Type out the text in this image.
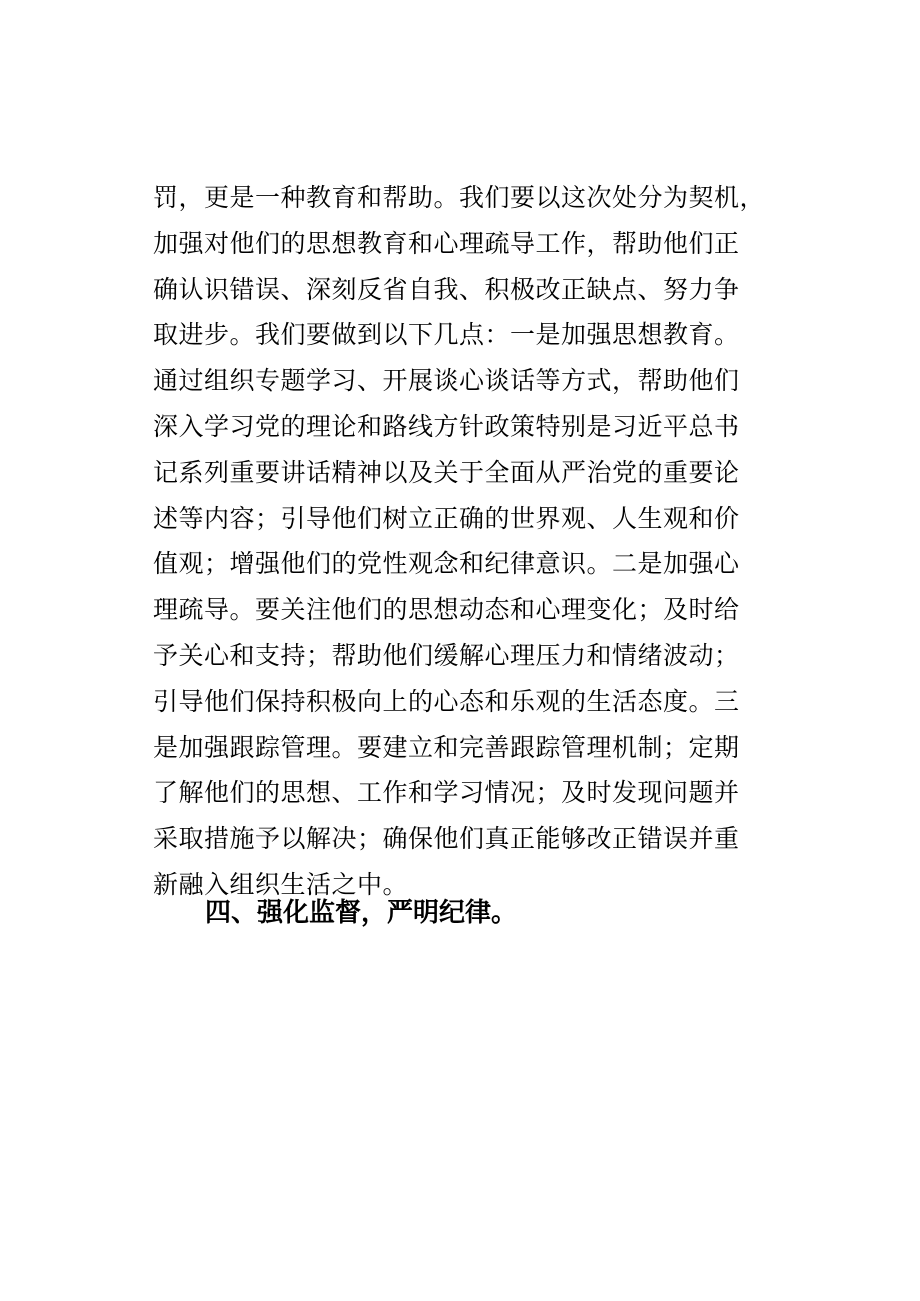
罚，更是一种教育和帮助。我们要以这次处分为契机，
加强对他们的思想教育和心理疏导工作，帮助他们正
确认识错误、深刻反省自我、积极改正缺点、努力争
取进步。我们要做到以下几点：一是加强思想教育。
通过组织专题学习、开展谈心谈话等方式，帮助他们
深入学习党的理论和路线方针政策特别是习近平总书
记系列重要讲话精神以及关于全面从严治党的重要论
述等内容；引导他们树立正确的世界观、人生观和价
值观；增强他们的党性观念和纪律意识。二是加强心
理疏导。要关注他们的思想动态和心理变化；及时给
予关心和支持；帮助他们缓解心理压力和情绪波动；
引导他们保持积极向上的心态和乐观的生活态度。三
是加强跟踪管理。要建立和完善跟踪管理机制；定期
了解他们的思想、工作和学习情况；及时发现问题并
采取措施予以解决；确保他们真正能够改正错误并重
新融入组织生活之中。
四、强化监督，严明纪律。
